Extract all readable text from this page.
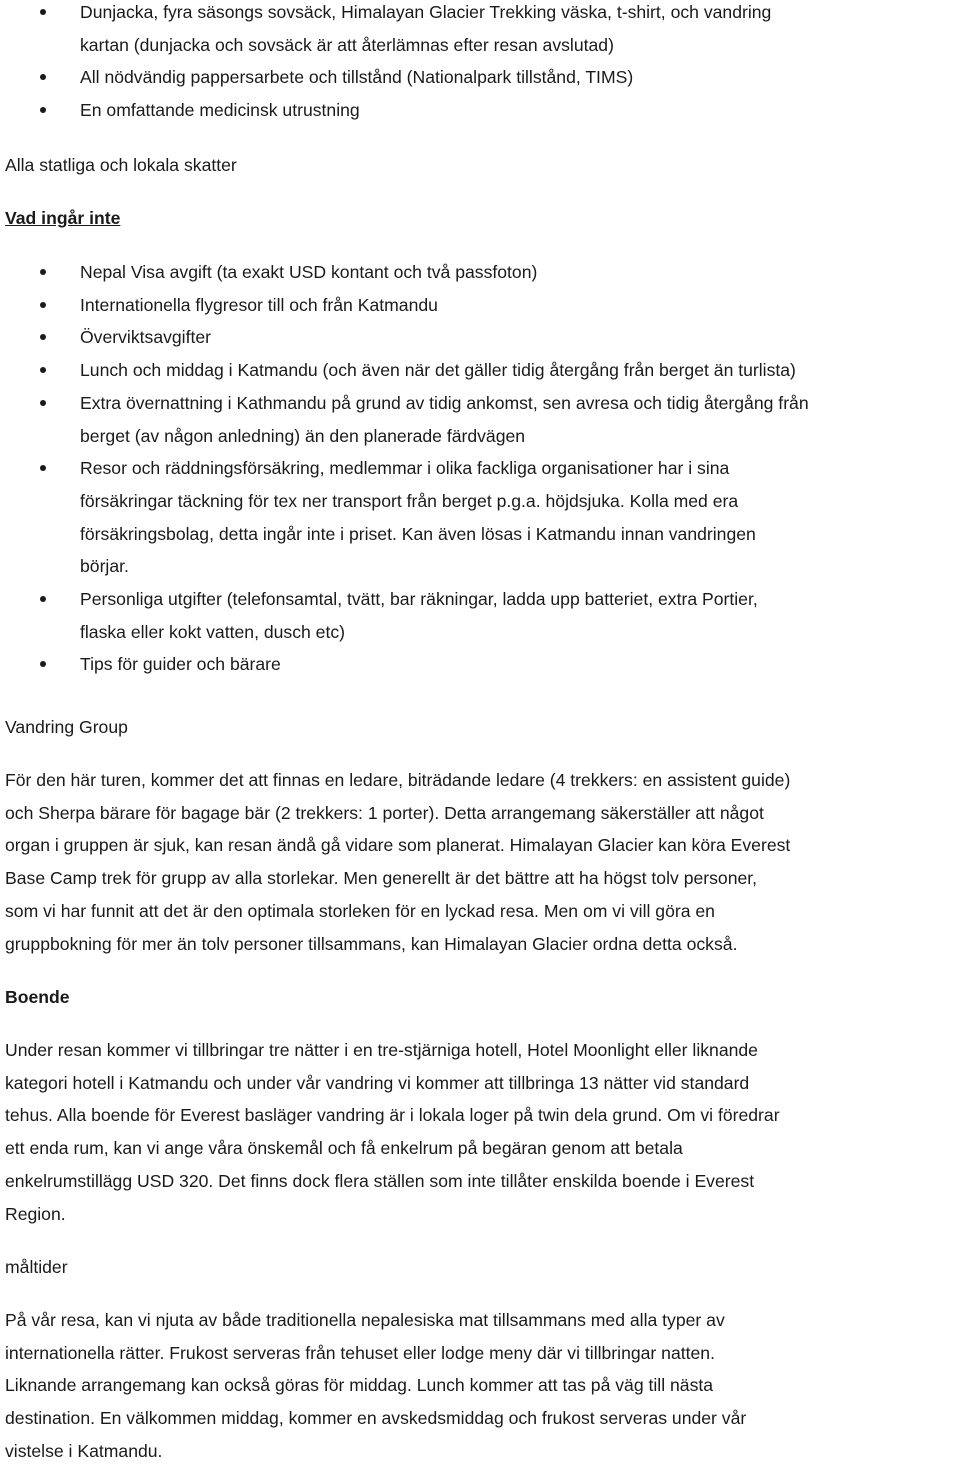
Dunjacka, fyra säsongs sovsäck, Himalayan Glacier Trekking väska, t-shirt, och vandring
kartan (dunjacka och sovsäck är att återlämnas efter resan avslutad)
All nödvändig pappersarbete och tillstånd (Nationalpark tillstånd, TIMS)
En omfattande medicinsk utrustning
Alla statliga och lokala skatter
Vad ingår inte
Nepal Visa avgift (ta exakt USD kontant och två passfoton)
Internationella flygresor till och från Katmandu
Överviktsavgifter
Lunch och middag i Katmandu (och även när det gäller tidig återgång från berget än turlista)
Extra övernattning i Kathmandu på grund av tidig ankomst, sen avresa och tidig återgång från
berget (av någon anledning) än den planerade färdvägen
Resor och räddningsförsäkring, medlemmar i olika fackliga organisationer har i sina
försäkringar täckning för tex ner transport från berget p.g.a. höjdsjuka. Kolla med era
försäkringsbolag, detta ingår inte i priset. Kan även lösas i Katmandu innan vandringen
börjar.
Personliga utgifter (telefonsamtal, tvätt, bar räkningar, ladda upp batteriet, extra Portier,
flaska eller kokt vatten, dusch etc)
Tips för guider och bärare
Vandring Group
För den här turen, kommer det att finnas en ledare, biträdande ledare (4 trekkers: en assistent guide)
och Sherpa bärare för bagage bär (2 trekkers: 1 porter). Detta arrangemang säkerställer att något
organ i gruppen är sjuk, kan resan ändå gå vidare som planerat. Himalayan Glacier kan köra Everest
Base Camp trek för grupp av alla storlekar. Men generellt är det bättre att ha högst tolv personer,
som vi har funnit att det är den optimala storleken för en lyckad resa. Men om vi vill göra en
gruppbokning för mer än tolv personer tillsammans, kan Himalayan Glacier ordna detta också.
Boende
Under resan kommer vi tillbringar tre nätter i en tre-stjärniga hotell, Hotel Moonlight eller liknande
kategori hotell i Katmandu och under vår vandring vi kommer att tillbringa 13 nätter vid standard
tehus. Alla boende för Everest basläger vandring är i lokala loger på twin dela grund. Om vi föredrar
ett enda rum, kan vi ange våra önskemål och få enkelrum på begäran genom att betala
enkelrumstillägg USD 320. Det finns dock flera ställen som inte tillåter enskilda boende i Everest
Region.
måltider
På vår resa, kan vi njuta av både traditionella nepalesiska mat tillsammans med alla typer av
internationella rätter. Frukost serveras från tehuset eller lodge meny där vi tillbringar natten.
Liknande arrangemang kan också göras för middag. Lunch kommer att tas på väg till nästa
destination. En välkommen middag, kommer en avskedsmiddag och frukost serveras under vår
vistelse i Katmandu.
